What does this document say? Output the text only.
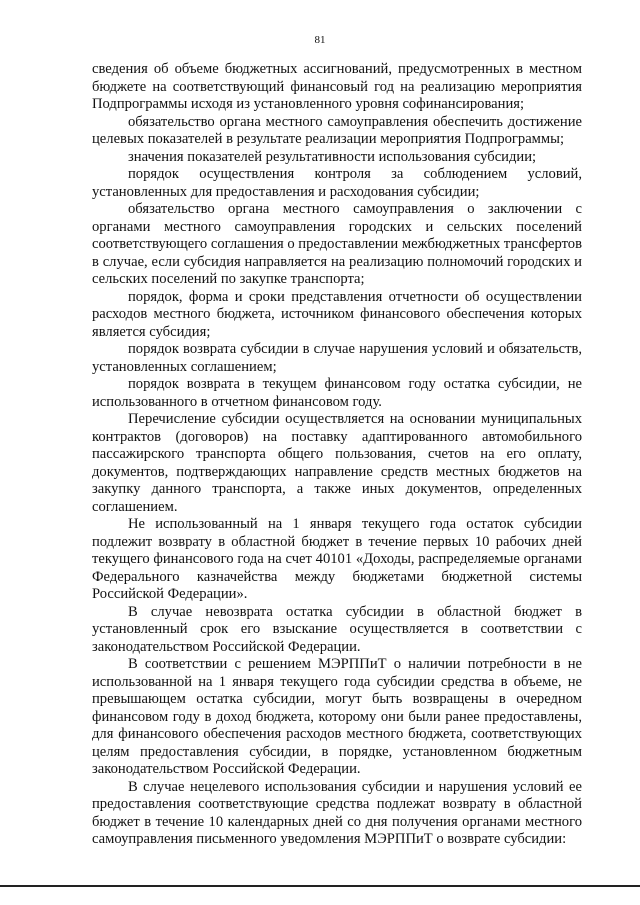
81

сведения об объеме бюджетных ассигнований, предусмотренных в местном бюджете на соответствующий финансовый год на реализацию мероприятия Подпрограммы исходя из установленного уровня софинансирования;

обязательство органа местного самоуправления обеспечить достижение целевых показателей в результате реализации мероприятия Подпрограммы;

значения показателей результативности использования субсидии;

порядок осуществления контроля за соблюдением условий, установленных для предоставления и расходования субсидии;

обязательство органа местного самоуправления о заключении с органами местного самоуправления городских и сельских поселений соответствующего соглашения о предоставлении межбюджетных трансфертов в случае, если субсидия направляется на реализацию полномочий городских и сельских поселений по закупке транспорта;

порядок, форма и сроки представления отчетности об осуществлении расходов местного бюджета, источником финансового обеспечения которых является субсидия;

порядок возврата субсидии в случае нарушения условий и обязательств, установленных соглашением;

порядок возврата в текущем финансовом году остатка субсидии, не использованного в отчетном финансовом году.

Перечисление субсидии осуществляется на основании муниципальных контрактов (договоров) на поставку адаптированного автомобильного пассажирского транспорта общего пользования, счетов на его оплату, документов, подтверждающих направление средств местных бюджетов на закупку данного транспорта, а также иных документов, определенных соглашением.

Не использованный на 1 января текущего года остаток субсидии подлежит возврату в областной бюджет в течение первых 10 рабочих дней текущего финансового года на счет 40101 «Доходы, распределяемые органами Федерального казначейства между бюджетами бюджетной системы Российской Федерации».

В случае невозврата остатка субсидии в областной бюджет в установленный срок его взыскание осуществляется в соответствии с законодательством Российской Федерации.

В соответствии с решением МЭРППиТ о наличии потребности в не использованной на 1 января текущего года субсидии средства в объеме, не превышающем остатка субсидии, могут быть возвращены в очередном финансовом году в доход бюджета, которому они были ранее предоставлены, для финансового обеспечения расходов местного бюджета, соответствующих целям предоставления субсидии, в порядке, установленном бюджетным законодательством Российской Федерации.

В случае нецелевого использования субсидии и нарушения условий ее предоставления соответствующие средства подлежат возврату в областной бюджет в течение 10 календарных дней со дня получения органами местного самоуправления письменного уведомления МЭРППиТ о возврате субсидии:
